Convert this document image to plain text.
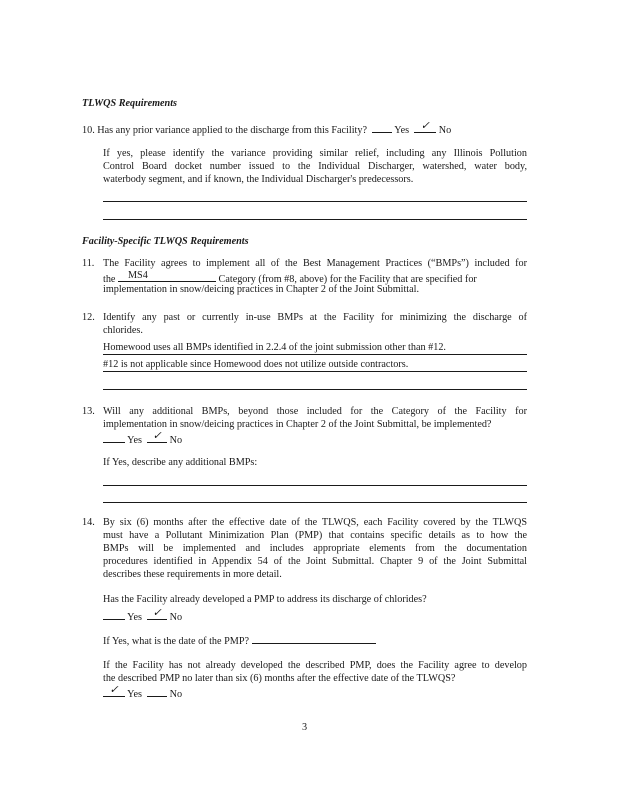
TLWQS Requirements
10. Has any prior variance applied to the discharge from this Facility?	Yes	✓ No
If yes, please identify the variance providing similar relief, including any Illinois Pollution
Control Board docket number issued to the Individual Discharger, watershed, water body,
waterbody segment, and if known, the Individual Discharger's predecessors.
Facility-Specific TLWQS Requirements
11. The Facility agrees to implement all of the Best Management Practices (“BMPs”) included for
the MS4	Category (from #8, above) for the Facility that are specified for
implementation in snow/deicing practices in Chapter 2 of the Joint Submittal.
12. Identify any past or currently in-use BMPs at the Facility for minimizing the discharge of
chlorides.
Homewood uses all BMPs identified in 2.2.4 of the joint submission other than #12.
#12 is not applicable since Homewood does not utilize outside contractors.
13. Will any additional BMPs, beyond those included for the Category of the Facility for
implementation in snow/deicing practices in Chapter 2 of the Joint Submittal, be implemented?
Yes ✓ No
If Yes, describe any additional BMPs:
14. By six (6) months after the effective date of the TLWQS, each Facility covered by the TLWQS
must have a Pollutant Minimization Plan (PMP) that contains specific details as to how the
BMPs will be implemented and includes appropriate elements from the documentation
procedures identified in Appendix 54 of the Joint Submittal. Chapter 9 of the Joint Submittal
describes these requirements in more detail.
Has the Facility already developed a PMP to address its discharge of chlorides?
Yes ✓ No
If Yes, what is the date of the PMP?
If the Facility has not already developed the described PMP, does the Facility agree to develop
the described PMP no later than six (6) months after the effective date of the TLWQS?
✓ Yes	No
3
